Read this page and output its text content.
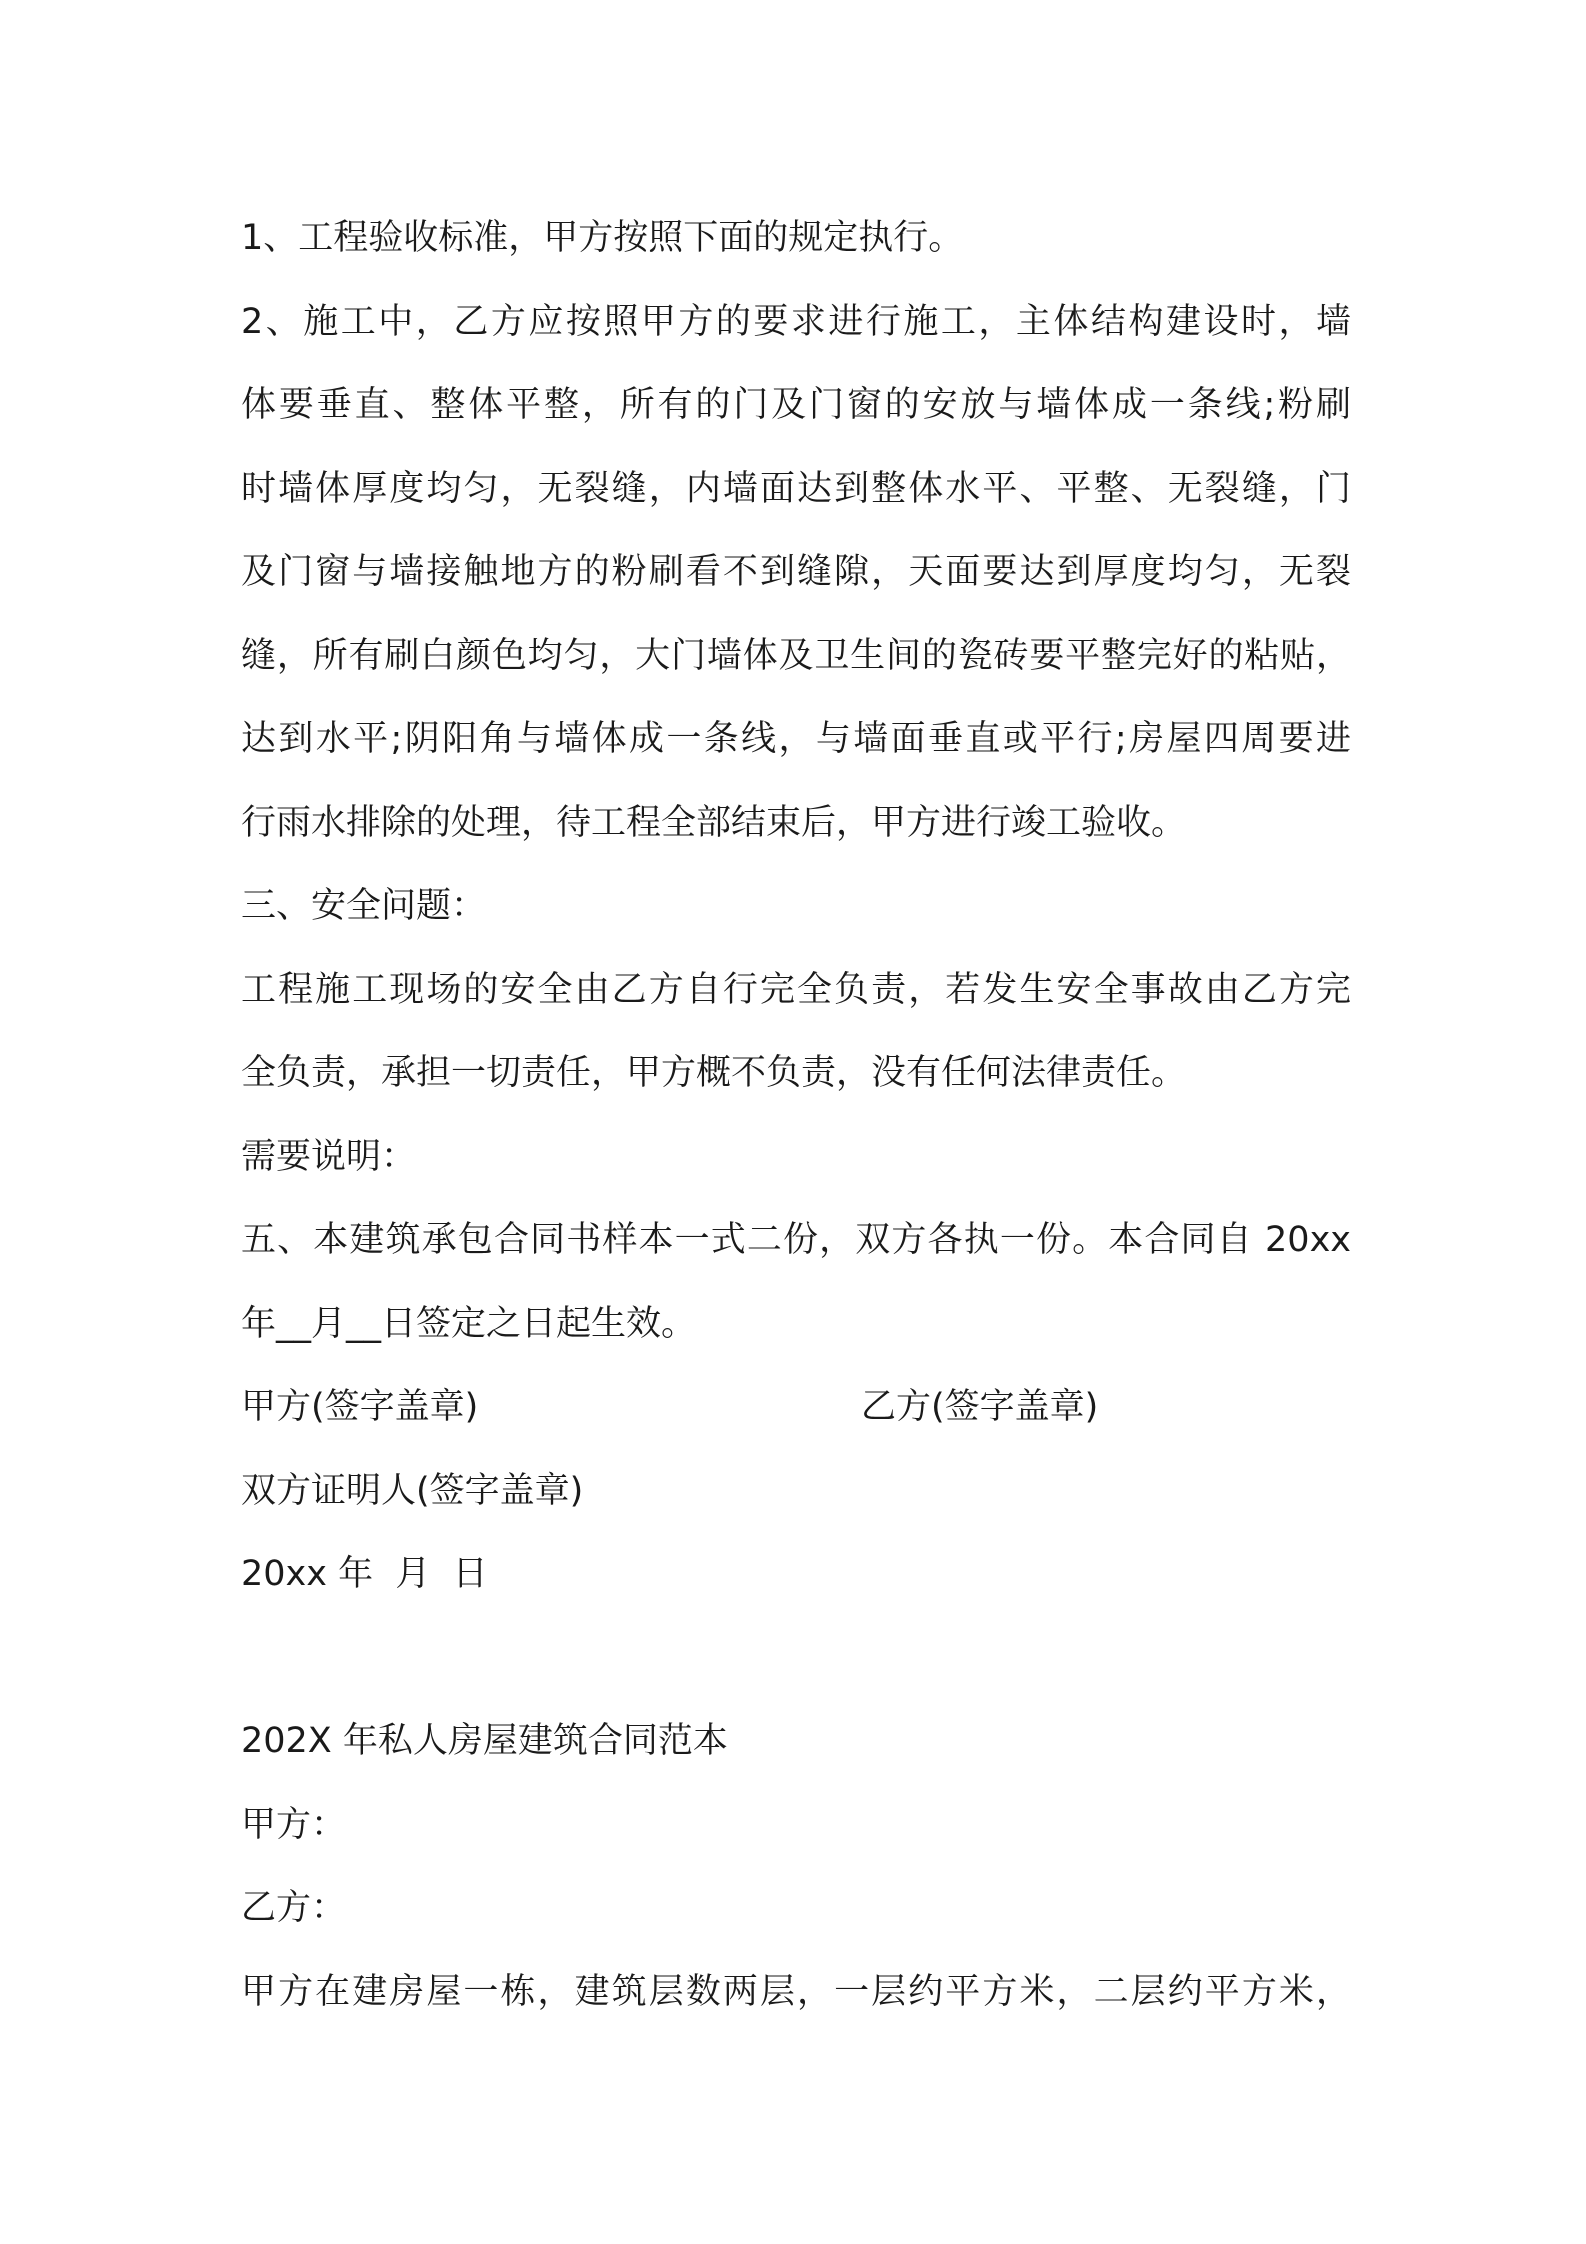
1、工程验收标准，甲方按照下面的规定执行。

2、施工中，乙方应按照甲方的要求进行施工，主体结构建设时，墙

体要垂直、整体平整，所有的门及门窗的安放与墙体成一条线;粉刷

时墙体厚度均匀，无裂缝，内墙面达到整体水平、平整、无裂缝，门

及门窗与墙接触地方的粉刷看不到缝隙，天面要达到厚度均匀，无裂

缝，所有刷白颜色均匀，大门墙体及卫生间的瓷砖要平整完好的粘贴，

达到水平;阴阳角与墙体成一条线，与墙面垂直或平行;房屋四周要进

行雨水排除的处理，待工程全部结束后，甲方进行竣工验收。

三、安全问题：

工程施工现场的安全由乙方自行完全负责，若发生安全事故由乙方完

全负责，承担一切责任，甲方概不负责，没有任何法律责任。

需要说明：

五、本建筑承包合同书样本一式二份，双方各执一份。本合同自 20xx

年__月__日签定之日起生效。

甲方(签字盖章)	乙方(签字盖章)

双方证明人(签字盖章)

20xx 年  月  日

202X 年私人房屋建筑合同范本

甲方：

乙方：

甲方在建房屋一栋，建筑层数两层，一层约平方米，二层约平方米，
